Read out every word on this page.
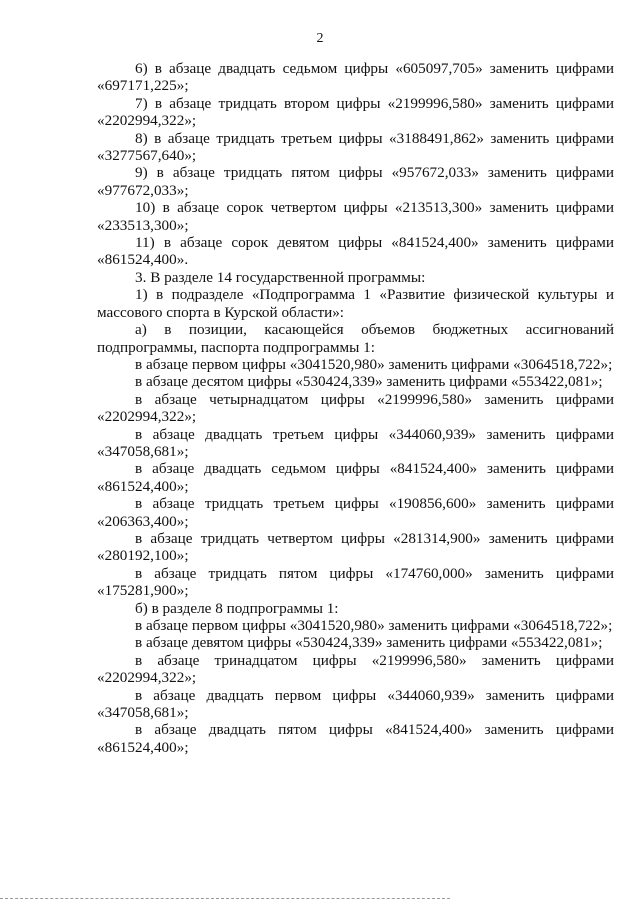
2

6) в абзаце двадцать седьмом цифры «605097,705» заменить цифрами «697171,225»;

7) в абзаце тридцать втором цифры «2199996,580» заменить цифрами «2202994,322»;

8) в абзаце тридцать третьем цифры «3188491,862» заменить цифрами «3277567,640»;

9) в абзаце тридцать пятом цифры «957672,033» заменить цифрами «977672,033»;

10) в абзаце сорок четвертом цифры «213513,300» заменить цифрами «233513,300»;

11) в абзаце сорок девятом цифры «841524,400» заменить цифрами «861524,400».

3. В разделе 14 государственной программы:

1) в подразделе «Подпрограмма 1 «Развитие физической культуры и массового спорта в Курской области»:

а) в позиции, касающейся объемов бюджетных ассигнований подпрограммы, паспорта подпрограммы 1:

в абзаце первом цифры «3041520,980» заменить цифрами «3064518,722»;

в абзаце десятом цифры «530424,339» заменить цифрами «553422,081»;

в абзаце четырнадцатом цифры «2199996,580» заменить цифрами «2202994,322»;

в абзаце двадцать третьем цифры «344060,939» заменить цифрами «347058,681»;

в абзаце двадцать седьмом цифры «841524,400» заменить цифрами «861524,400»;

в абзаце тридцать третьем цифры «190856,600» заменить цифрами «206363,400»;

в абзаце тридцать четвертом цифры «281314,900» заменить цифрами «280192,100»;

в абзаце тридцать пятом цифры «174760,000» заменить цифрами «175281,900»;

б) в разделе 8 подпрограммы 1:

в абзаце первом цифры «3041520,980» заменить цифрами «3064518,722»;

в абзаце девятом цифры «530424,339» заменить цифрами «553422,081»;

в абзаце тринадцатом цифры «2199996,580» заменить цифрами «2202994,322»;

в абзаце двадцать первом цифры «344060,939» заменить цифрами «347058,681»;

в абзаце двадцать пятом цифры «841524,400» заменить цифрами «861524,400»;
